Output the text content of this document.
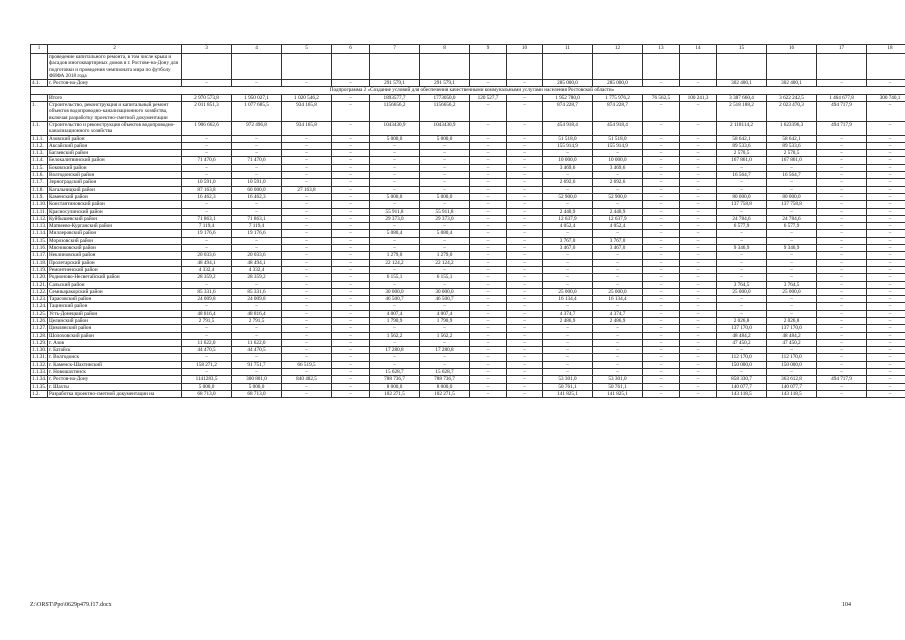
1	2	3	4	5	6	7	8	9	10	11	12	13	14	15	16	17	18
	проведение капитального ремонта, в том числе крыш и фасадов многоквартирных домов в г. Ростове-на-Дону для подготовки и проведения чемпионата мира по футболу ФИФА 2018 года																
4.1.	г. Ростов-на-Дону	–	–	–	–	291 579,1	291 579,1	–	–	285 000,0	285 000,0	–	–	302 400,1	302 400,1	–	–
Подпрограмма 2 «Создание условий для обеспечения качественными коммунальными услугами населения Ростовской области»																	
	Итого	2 970 573,8	1 950 027,1	1 020 546,2	–	1893577,7	1773050,0	120 527,7	–	1 952 780,0	1 775 976,2	76 562,5	100 241,3	3 387 660,4	3 622 242,5	1 464 677,8	300 740,1
1.	Строительство, реконструкция и капитальный ремонт объектов водопроводно-канализационного хозяйства, включая разработку проектно-сметной документации	2 011 851,3	1 077 685,5	934 165,8	–	1156656,2	1156656,2	–	–	874 228,7	874 228,7	–	–	2 518 188,2	2 023 470,3	494 717,9	–
1.1.	Строительство и реконструкция объектов водопроводно-канализационного хозяйства	1 906 662,6	972 496,8	934 165,8	–	1043430,9	1043430,9	–	–	454 918,4	454 918,4	–	–	2 118114,2	1 623396,3	494 717,9	–
1.1.1.	Азовский район	–	–	–	–	5 000,0	5 000,0	–	–	51 518,0	51 518,0	–	–	58 642,1	58 642,1	–	–
1.1.2.	Аксайский район	–	–	–	–	–	–	–	–	155 914,9	155 914,9	–	–	89 533,6	89 533,6	–	–
1.1.3.	Багаевский район	–	–	–	–	–	–	–	–	–	–	–	–	2 570,5	2 570,5	–	–
1.1.4.	Белокалитвинский район	71 470,6	71 470,6	–	–	–	–	–	–	10 000,0	10 000,0	–	–	167 861,0	167 861,0	–	–
1.1.5.	Боковский район	–	–	–	–	–	–	–	–	3 469,6	3 469,6	–	–	–	–	–	–
1.1.6.	Волгодонской район	–	–	–	–	–	–	–	–	–	–	–	–	16 564,7	16 564,7	–	–
1.1.7.	Зерноградский район	10 591,0	10 591,0	–	–	–	–	–	–	2 692,6	2 692,6	–	–	–	–	–	–
1.1.8.	Кагальницкий район	87 163,8	60 000,0	27 163,8	–	–	–	–	–	–	–	–	–	–	–	–	–
1.1.9.	Каменский район	16 462,3	16 462,3	–	–	5 000,0	5 000,0	–	–	52 900,0	52 900,0	–	–	80 000,0	80 000,0	–	–
1.1.10.	Константиновский район	–	–	–	–	–	–	–	–	–	–	–	–	137 758,8	137 758,8	–	–
1.1.11.	Красносулинский район	–	–	–	–	55 911,8	55 911,8	–	–	2 440,9	2 440,9	–	–	–	–	–	–
1.1.12.	Куйбышевский район	71 863,1	71 863,1	–	–	29 373,0	29 373,0	–	–	12 637,9	12 637,9	–	–	24 784,6	24 784,6	–	–
1.1.13.	Матвеево-Курганский район	7 119,4	7 119,4	–	–	–	–	–	–	4 052,4	4 052,4	–	–	6 577,9	6 577,9	–	–
1.1.14.	Миллеровский район	19 176,6	19 176,6	–	–	5 080,4	5 080,4	–	–	–	–	–	–	–	–	–	–
1.1.15.	Морозовский район	–	–	–	–	–	–	–	–	3 767,0	3 767,0	–	–	–	–	–	–
1.1.16.	Мясниковский район	–	–	–	–	–	–	–	–	3 467,0	3 467,0	–	–	9 346,9	9 346,9	–	–
1.1.17.	Неклиновский район	20 033,6	20 033,6	–	–	1 279,0	1 279,0	–	–	–	–	–	–	–	–	–	–
1.1.18.	Пролетарский район	48 494,1	48 494,1	–	–	22 124,2	22 124,2	–	–	–	–	–	–	–	–	–	–
1.1.19.	Ремонтненский район	4 332,4	4 332,4	–	–	–	–	–	–	–	–	–	–	–	–	–	–
1.1.20.	Родионово-Несветайский район	28 359,2	28 359,2	–	–	6 155,1	6 155,1	–	–	–	–	–	–	–	–	–	–
1.1.21.	Сальский район	–	–	–	–	–	–	–	–	–	–	–	–	3 764,5	3 764,5	–	–
1.1.22.	Семикаракорский район	85 331,6	85 331,6	–	–	30 000,0	30 000,0	–	–	25 000,0	25 000,0	–	–	25 000,0	25 000,0	–	–
1.1.23.	Тарасовский район	24 009,8	24 009,8	–	–	46 500,7	46 500,7	–	–	16 134,4	16 134,4	–	–	–	–	–	–
1.1.24.	Тацинский район	–	–	–	–	–	–	–	–	–	–	–	–	–	–	–	–
1.1.25.	Усть-Донецкий район	48 816,4	48 816,4	–	–	4 007,4	4 007,4	–	–	4 374,7	4 374,7	–	–	–	–	–	–
1.1.26.	Целинский район	2 791,5	2 791,5	–	–	1 790,9	1 790,9	–	–	2 486,9	2 486,9	–	–	2 026,8	2 026,8	–	–
1.1.27.	Цимлянский район	–	–	–	–	–	–	–	–	–	–	–	–	137 170,0	137 170,0	–	–
1.1.28.	Шолоховский район	–	–	–	–	1 562,2	1 562,2	–	–	–	–	–	–	48 484,2	48 484,2	–	–
1.1.29.	г. Азов	11 622,0	11 622,0	–	–	–	–	–	–	–	–	–	–	47 450,2	47 450,2	–	–
1.1.30.	г. Батайск	44 470,5	44 470,5	–	–	17 280,8	17 280,8	–	–	–	–	–	–	–	–	–	–
1.1.31.	г. Волгодонск	–	–	–	–	–	–	–	–	–	–	–	–	112 170,0	112 170,0	–	–
1.1.32.	г. Каменск-Шахтинский	158 271,2	91 751,7	66 519,5	–	–	–	–	–	–	–	–	–	150 000,0	150 000,0	–	–
1.1.33.	г. Новошахтинск	–	–	–	–	15 628,7	15 628,7	–	–	–	–	–	–	–	–	–	–
1.1.34.	г. Ростов-на-Дону	1141283,5	300 801,0	840 482,5	–	788 736,7	788 736,7	–	–	53 301,0	53 301,0	–	–	858 330,7	363 612,8	494 717,9	–
1.1.35.	г. Шахты	5 000,0	5 000,0	–	–	8 000,0	8 000,0	–	–	50 761,1	50 761,1	–	–	140 077,7	140 077,7	–	–
1.2.	Разработка проектно-сметной документации на	68 713,0	68 713,0	–	–	102 271,5	102 271,5	–	–	141 825,1	141 825,1	–	–	143 118,5	143 118,5	–	–
Z:\ORST\Ppo\0629p479.f17.docx	104
